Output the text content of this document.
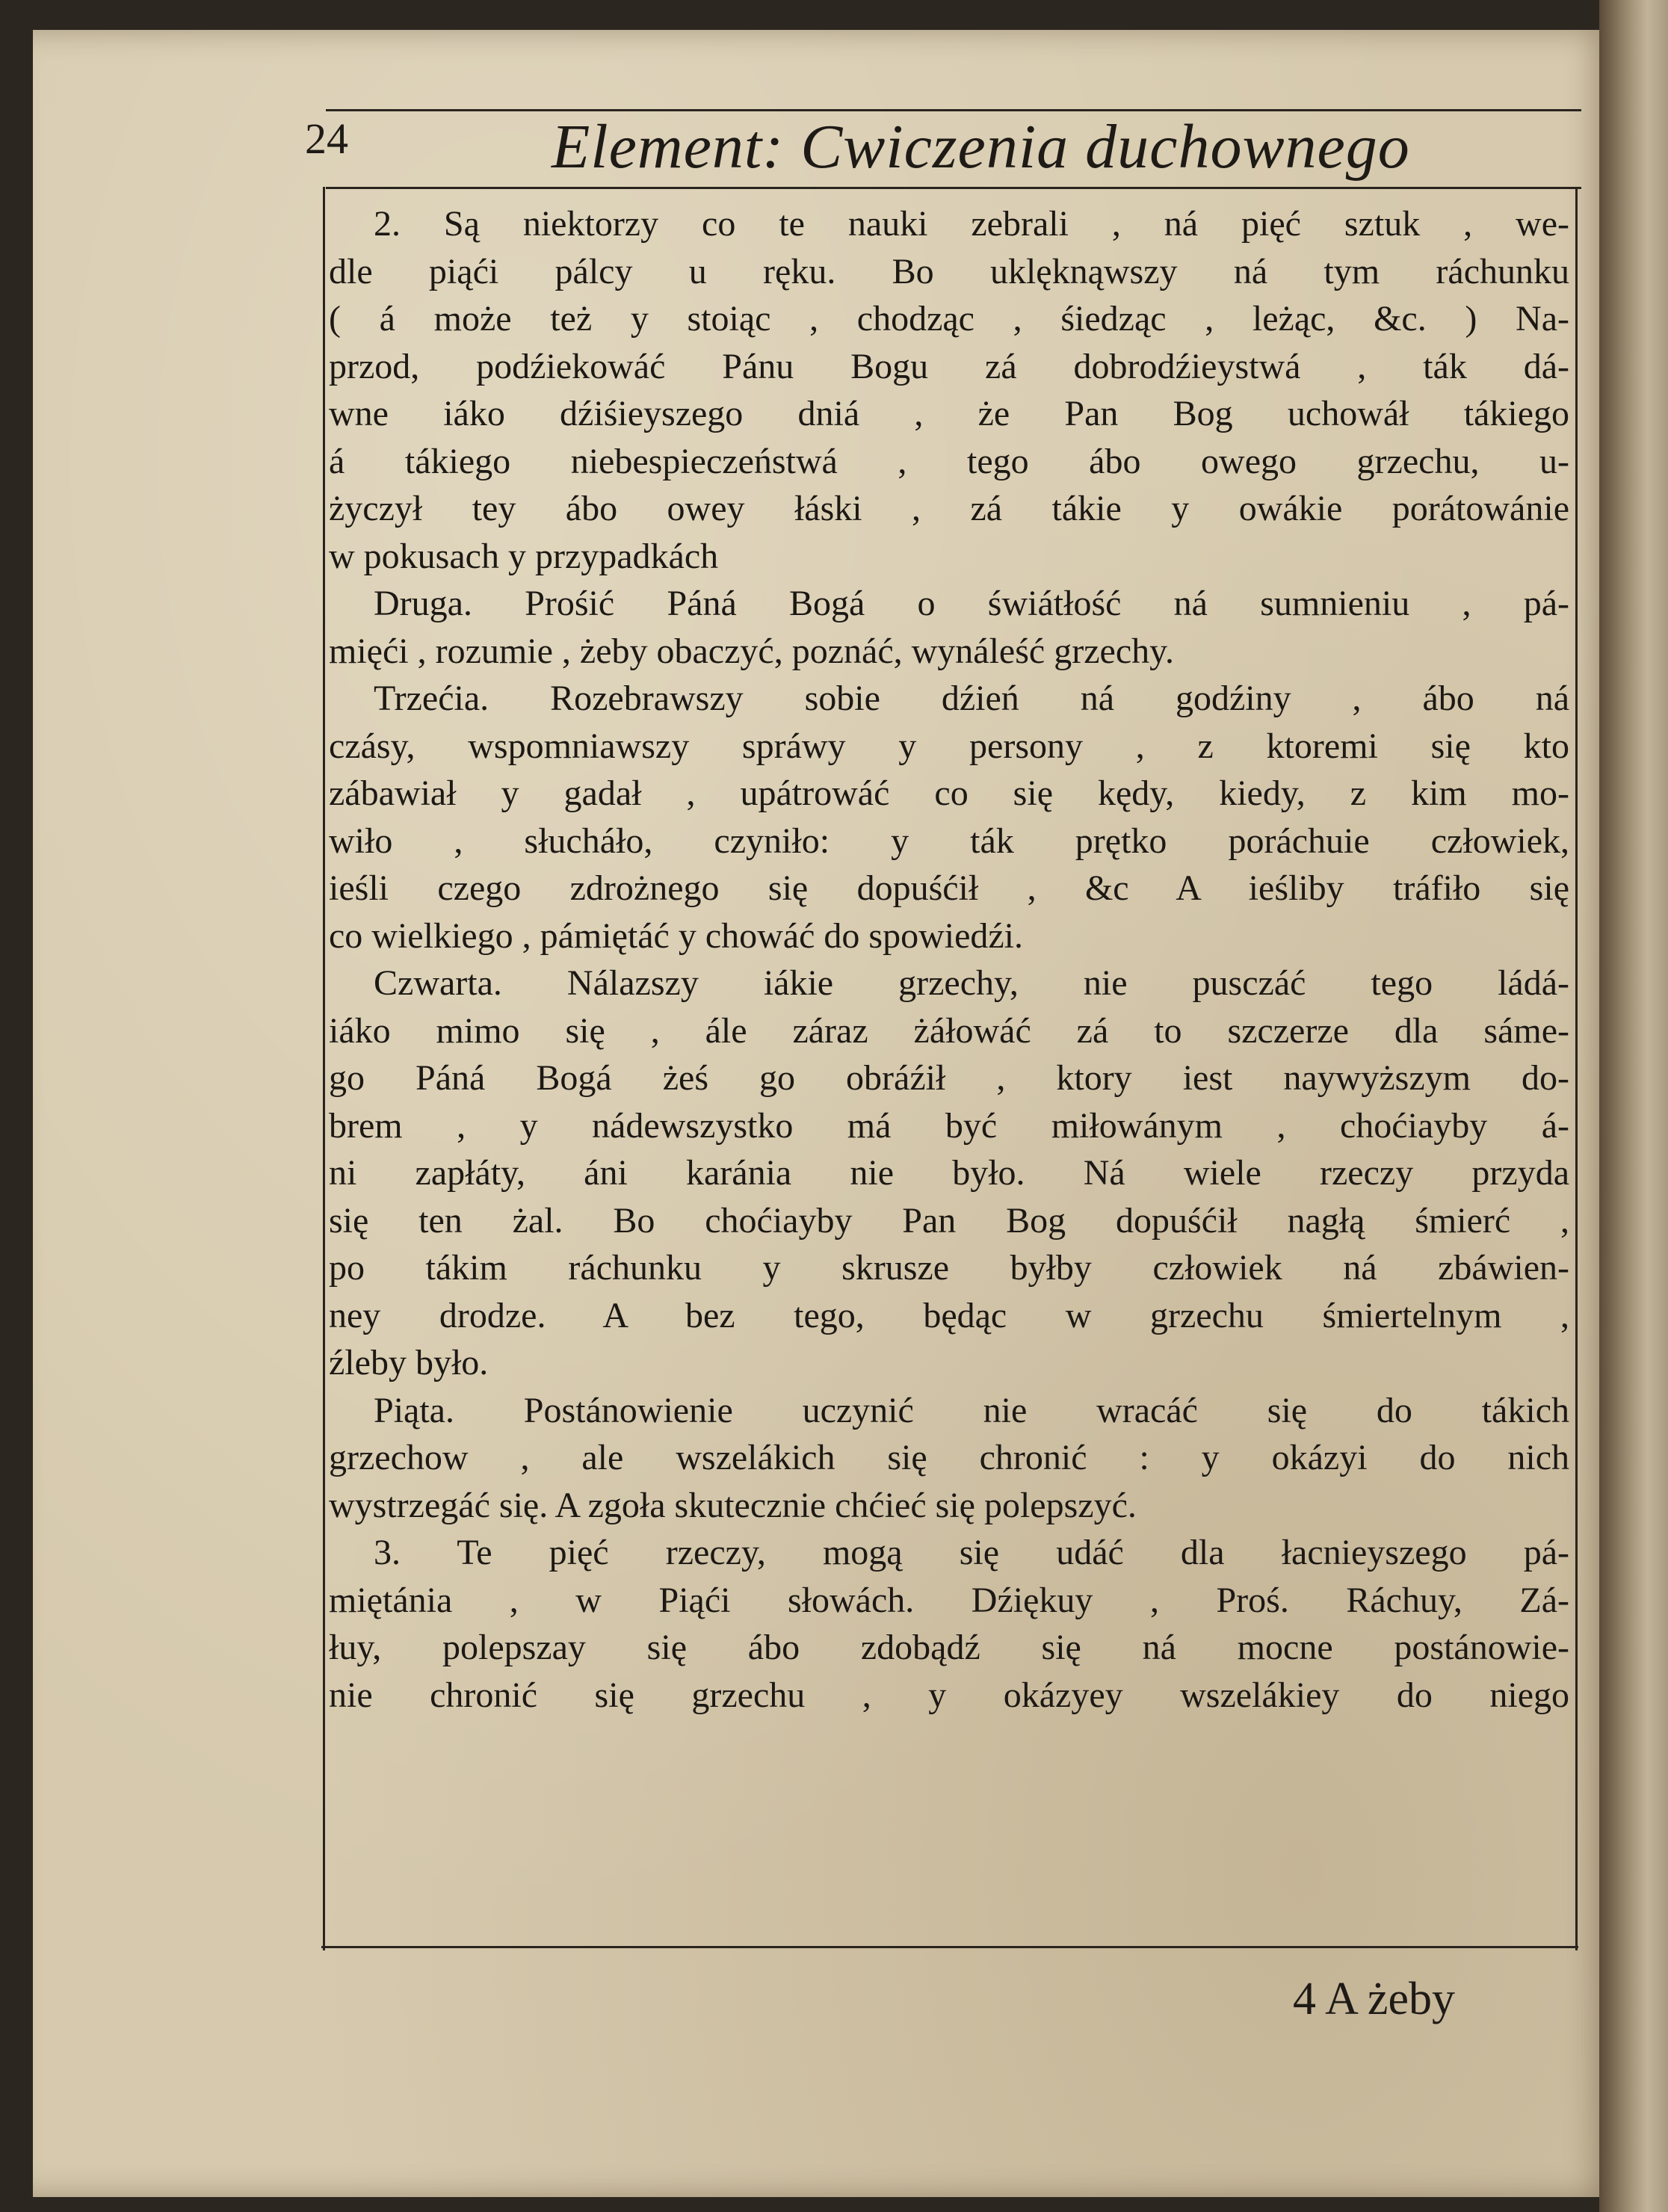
24	Element: Cwiczenia duchownego
2. Są niektorzy co te nauki zebrali , ná pięć sztuk , we-
dle piąći pálcy u ręku. Bo uklęknąwszy ná tym ráchunku
( á może też y stoiąc , chodząc , śiedząc , leżąc, &c. ) Na-
przod, podźiekowáć Pánu Bogu zá dobrodźieystwá , ták dá-
wne iáko dźiśieyszego dniá , że Pan Bog uchowáł tákiego
á tákiego niebespieczeństwá , tego ábo owego grzechu, u-
życzył tey ábo owey łáski , zá tákie y owákie porátowánie
w pokusach y przypadkách
Druga. Prośić Páná Bogá o świátłość ná sumnieniu , pá-
mięći , rozumie , żeby obaczyć, poznáć, wynáleść grzechy.
Trzećia. Rozebrawszy sobie dźień ná godźiny , ábo ná
czásy, wspomniawszy spráwy y persony , z ktoremi się kto
zábawiał y gadał , upátrowáć co się kędy, kiedy, z kim mo-
wiło , słucháło, czyniło: y ták prętko poráchuie człowiek,
ieśli czego zdrożnego się dopuśćił , &c A ieśliby tráfiło się
co wielkiego , pámiętáć y chowáć do spowiedźi.
Czwarta. Nálazszy iákie grzechy, nie pusczáć tego ládá-
iáko mimo się , ále záraz żáłowáć zá to szczerze dla sáme-
go Páná Bogá żeś go obráźił , ktory iest naywyższym do-
brem , y nádewszystko má być miłowánym , choćiayby á-
ni zapłáty, áni karánia nie było. Ná wiele rzeczy przyda
się ten żal. Bo choćiayby Pan Bog dopuśćił nagłą śmierć ,
po tákim ráchunku y skrusze byłby człowiek ná zbáwien-
ney drodze. A bez tego, będąc w grzechu śmiertelnym ,
źleby było.
Piąta. Postánowienie uczynić nie wracáć się do tákich
grzechow , ale wszelákich się chronić : y okázyi do nich
wystrzegáć się. A zgoła skutecznie chćieć się polepszyć.
3. Te pięć rzeczy, mogą się udáć dla łacnieyszego pá-
miętánia , w Piąći słowách. Dźiękuy , Proś. Ráchuy, Zá-
łuy, polepszay się ábo zdobądź się ná mocne postánowie-
nie chronić się grzechu , y okázyey wszelákiey do niego
4 A żeby
